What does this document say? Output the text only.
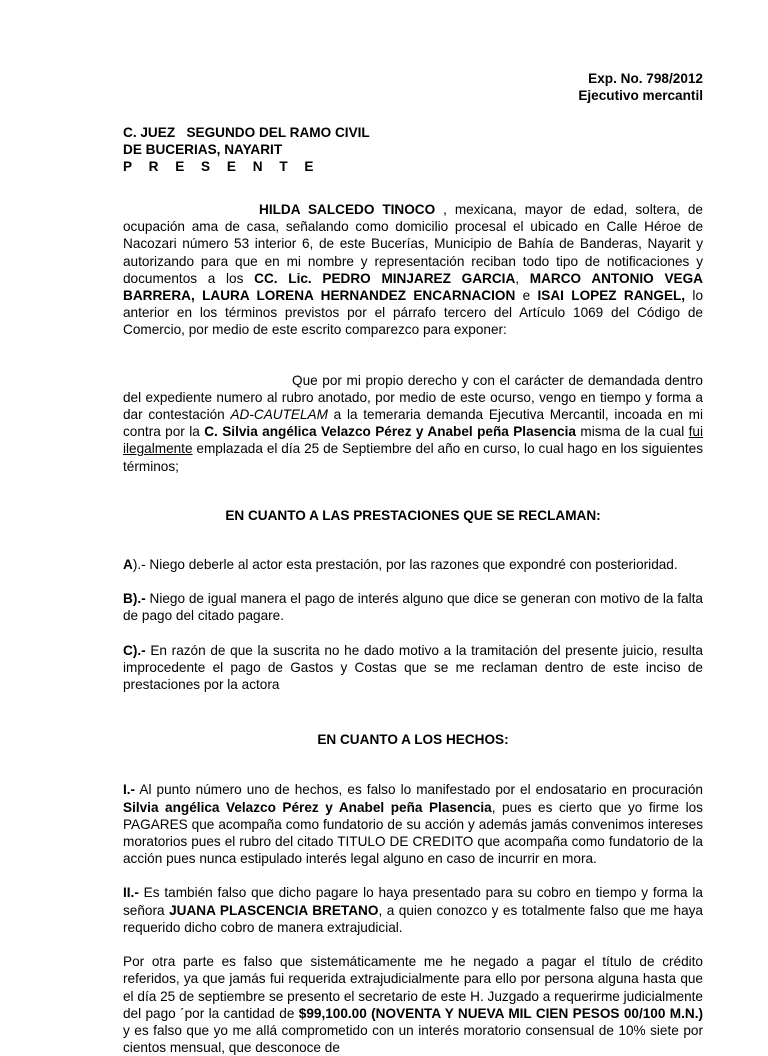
Exp. No. 798/2012
Ejecutivo mercantil
C. JUEZ   SEGUNDO DEL RAMO CIVIL
DE BUCERIAS, NAYARIT
P R E S E N T E

HILDA SALCEDO TINOCO , mexicana, mayor de edad, soltera, de ocupación ama de casa, señalando como domicilio procesal el ubicado en Calle Héroe de Nacozari número 53 interior 6, de este Bucerías, Municipio de Bahía de Banderas, Nayarit y autorizando para que en mi nombre y representación reciban todo tipo de notificaciones y documentos a los CC. Lic. PEDRO MINJAREZ GARCIA, MARCO ANTONIO VEGA BARRERA, LAURA LORENA HERNANDEZ ENCARNACION e ISAI LOPEZ RANGEL, lo anterior en los términos previstos por el párrafo tercero del Artículo 1069 del Código de Comercio, por medio de este escrito comparezco para exponer:

Que por mi propio derecho y con el carácter de demandada dentro del expediente numero al rubro anotado, por medio de este ocurso, vengo en tiempo y forma a dar contestación AD-CAUTELAM a la temeraria demanda Ejecutiva Mercantil, incoada en mi contra por la C. Silvia angélica Velazco Pérez y Anabel peña Plasencia misma de la cual fui ilegalmente emplazada el día 25 de Septiembre del año en curso, lo cual hago en los siguientes términos;

EN CUANTO A LAS PRESTACIONES QUE SE RECLAMAN:

A).- Niego deberle al actor esta prestación, por las razones que expondré con posterioridad.

B).- Niego de igual manera el pago de interés alguno que dice se generan con motivo de la falta de pago del citado pagare.

C).- En razón de que la suscrita no he dado motivo a la tramitación del presente juicio, resulta improcedente el pago de Gastos y Costas que se me reclaman dentro de este inciso de prestaciones por la actora

EN CUANTO A LOS HECHOS:

I.- Al punto número uno de hechos, es falso lo manifestado por el endosatario en procuración Silvia angélica Velazco Pérez y Anabel peña Plasencia, pues es cierto que yo firme los PAGARES que acompaña como fundatorio de su acción y además jamás convenimos intereses moratorios pues el rubro del citado TITULO DE CREDITO que acompaña como fundatorio de la acción pues nunca estipulado interés legal alguno en caso de incurrir en mora.

II.- Es también falso que dicho pagare lo haya presentado para su cobro en tiempo y forma la señora JUANA PLASCENCIA BRETANO, a quien conozco y es totalmente falso que me haya requerido dicho cobro de manera extrajudicial.

Por otra parte es falso que sistemáticamente me he negado a pagar el título de crédito referidos, ya que jamás fui requerida extrajudicialmente para ello por persona alguna hasta que el día 25 de septiembre se presento el secretario de este H. Juzgado a requerirme judicialmente del pago ´por la cantidad de $99,100.00 (NOVENTA Y NUEVA MIL CIEN PESOS 00/100 M.N.) y es falso que yo me allá comprometido con un interés moratorio consensual de 10% siete por cientos mensual, que desconoce de
